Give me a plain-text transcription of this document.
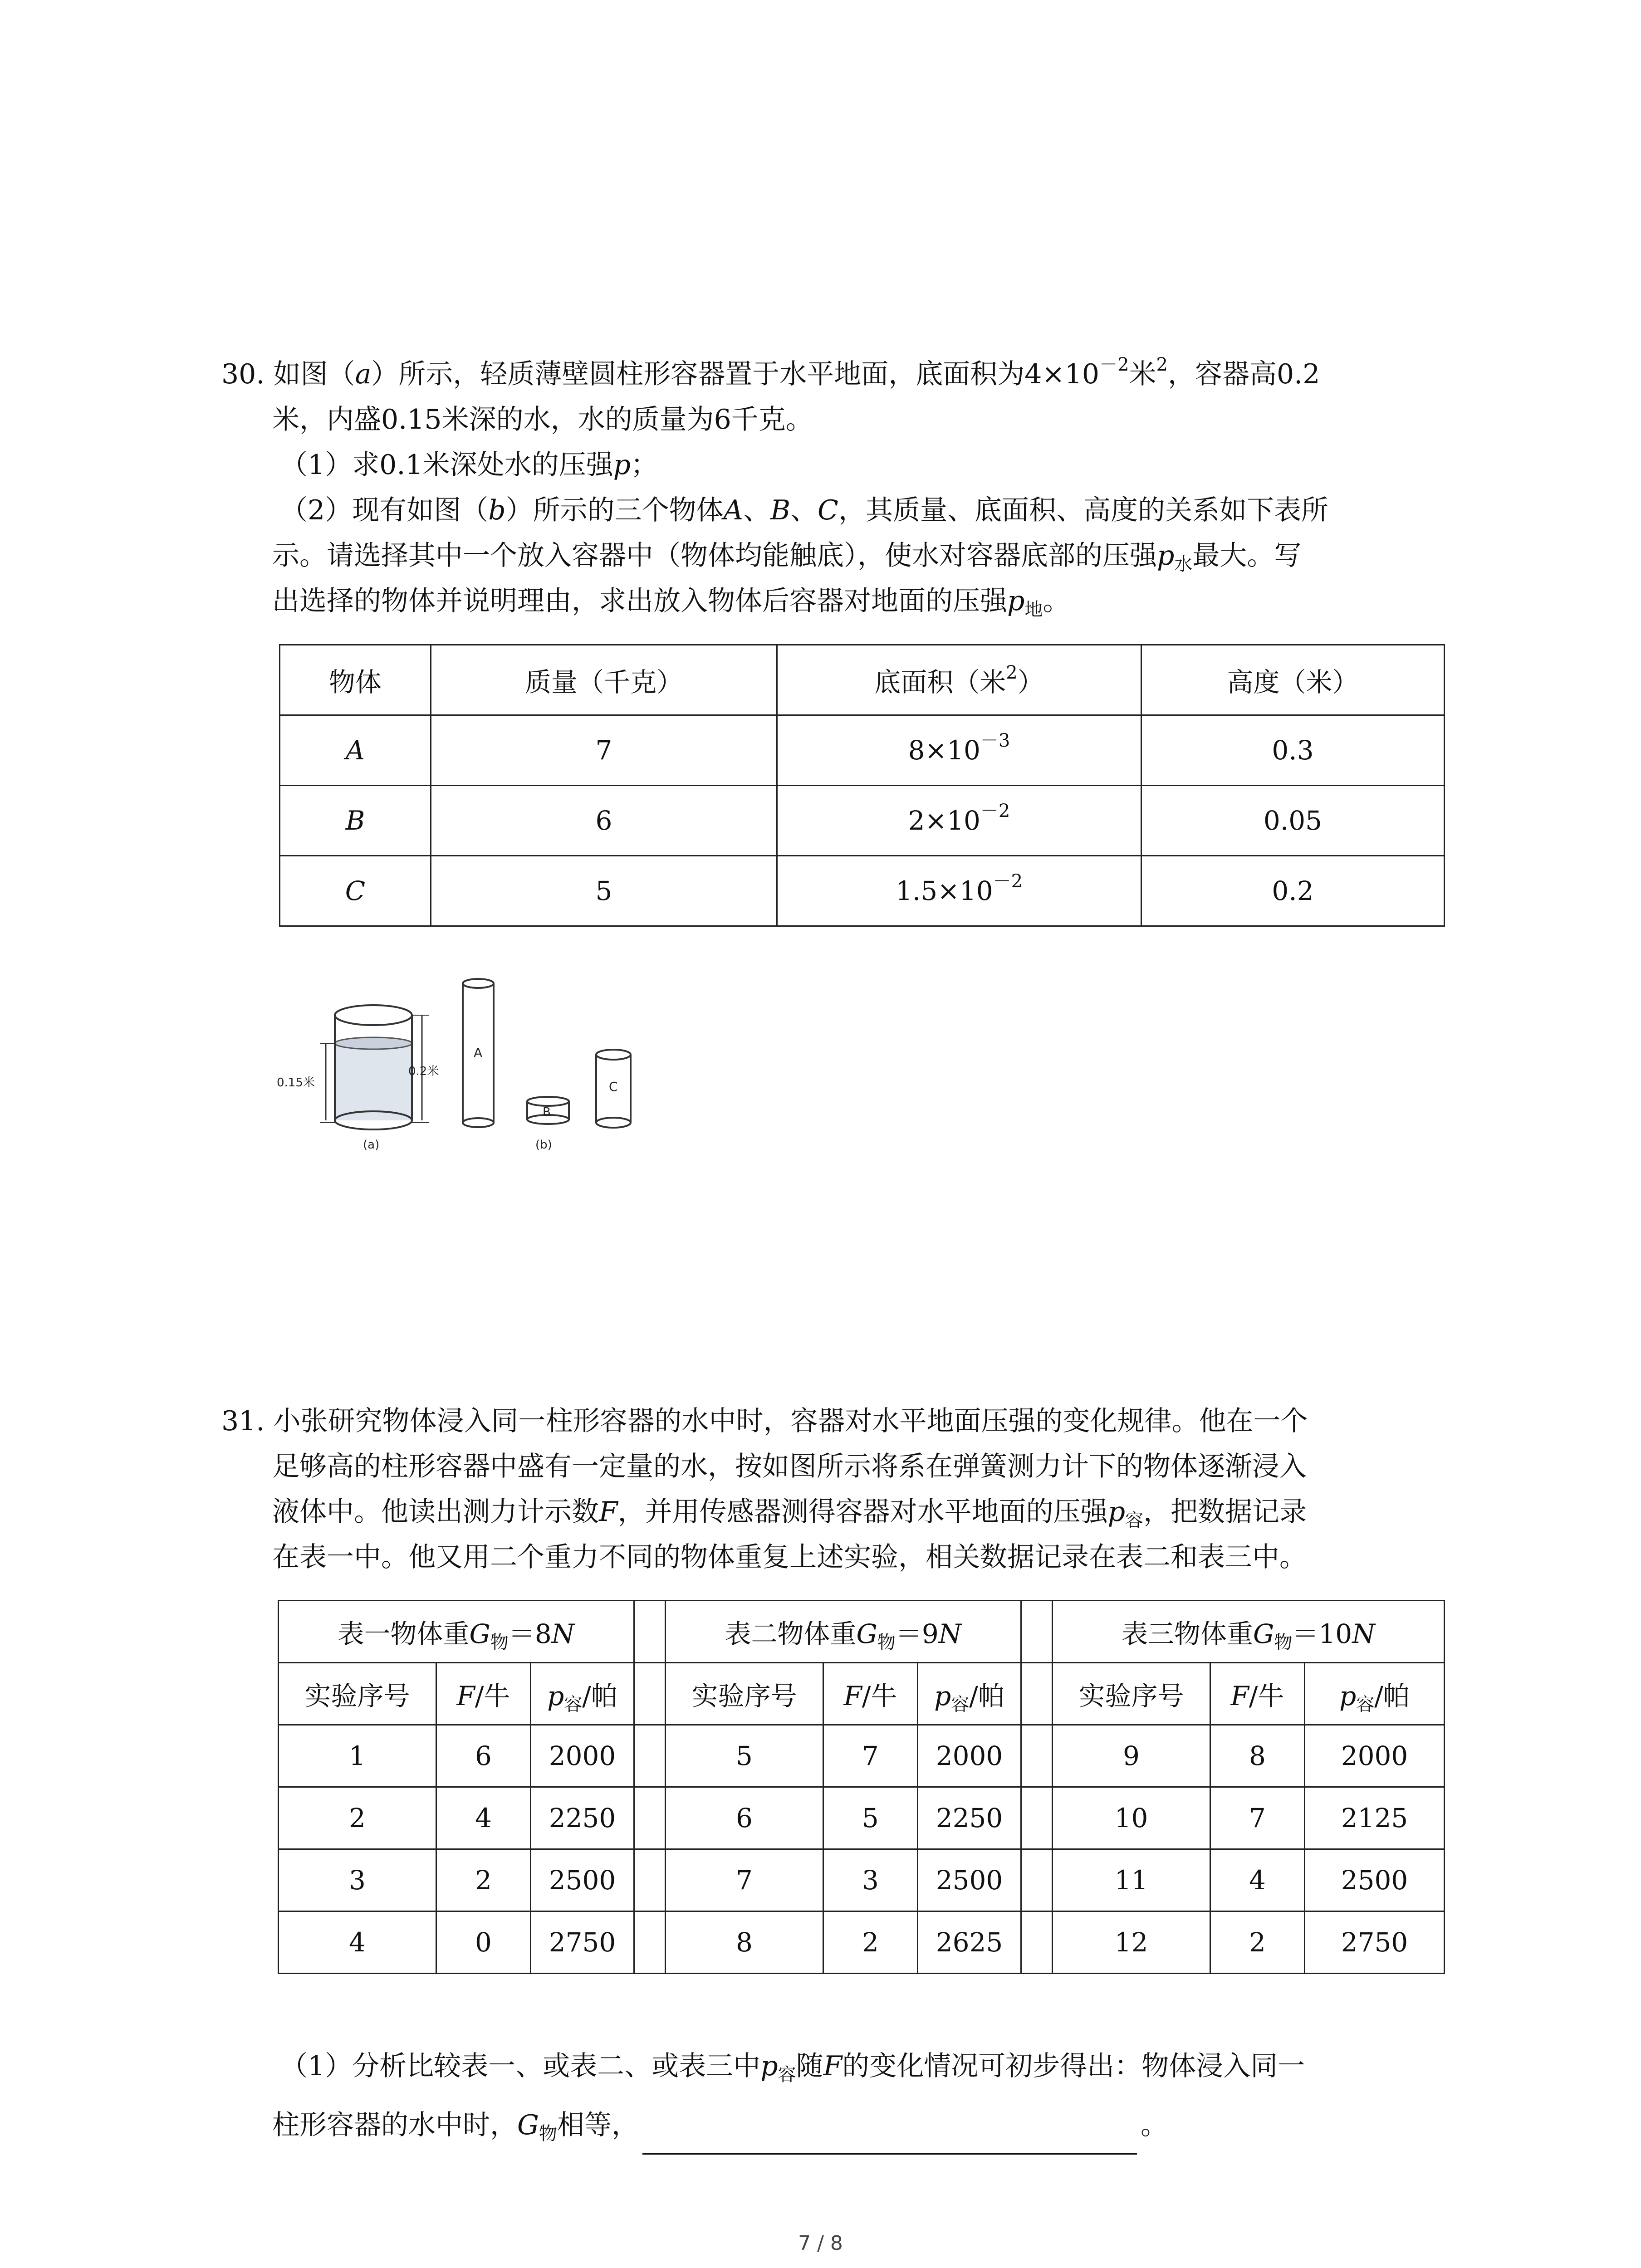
30. 如图（a）所示，轻质薄壁圆柱形容器置于水平地面，底面积为$4\times 10^{-2}$米$^2$，容器高0.2

米，内盛0.15米深的水，水的质量为6千克。

（1）求0.1米深处水的压强p；

（2）现有如图（b）所示的三个物体A、B、C，其质量、底面积、高度的关系如下表所

示。请选择其中一个放入容器中（物体均能触底），使水对容器底部的压强$p_水$最大。写

出选择的物体并说明理由，求出放入物体后容器对地面的压强$p_地$。

物体	质量（千克）	底面积（米$^2$）	高度（米）
A	7	$8\times 10^{-3}$	0.3
B	6	$2\times 10^{-2}$	0.05
C	5	$1.5\times 10^{-2}$	0.2
0.15米
0.2米
(a)
A
B
(b)
C

31. 小张研究物体浸入同一柱形容器的水中时，容器对水平地面压强的变化规律。他在一个

足够高的柱形容器中盛有一定量的水，按如图所示将系在弹簧测力计下的物体逐渐浸入

液体中。他读出测力计示数F，并用传感器测得容器对水平地面的压强$p_容$，把数据记录

在表一中。他又用二个重力不同的物体重复上述实验，相关数据记录在表二和表三中。

表一物体重$G_物=8N$				表二物体重$G_物=9N$				表三物体重$G_物=10N$		
实验序号	F/牛	$p_容/$帕		实验序号	F/牛	$p_容/$帕		实验序号	F/牛	$p_容/$帕
1	6	2000		5	7	2000		9	8	2000
2	4	2250		6	5	2250		10	7	2125
3	2	2500		7	3	2500		11	4	2500
4	0	2750		8	2	2625		12	2	2750

（1）分析比较表一、或表二、或表三中$p_容$随F的变化情况可初步得出：物体浸入同一

柱形容器的水中时，$G_物$相等，	。

7 / 8
